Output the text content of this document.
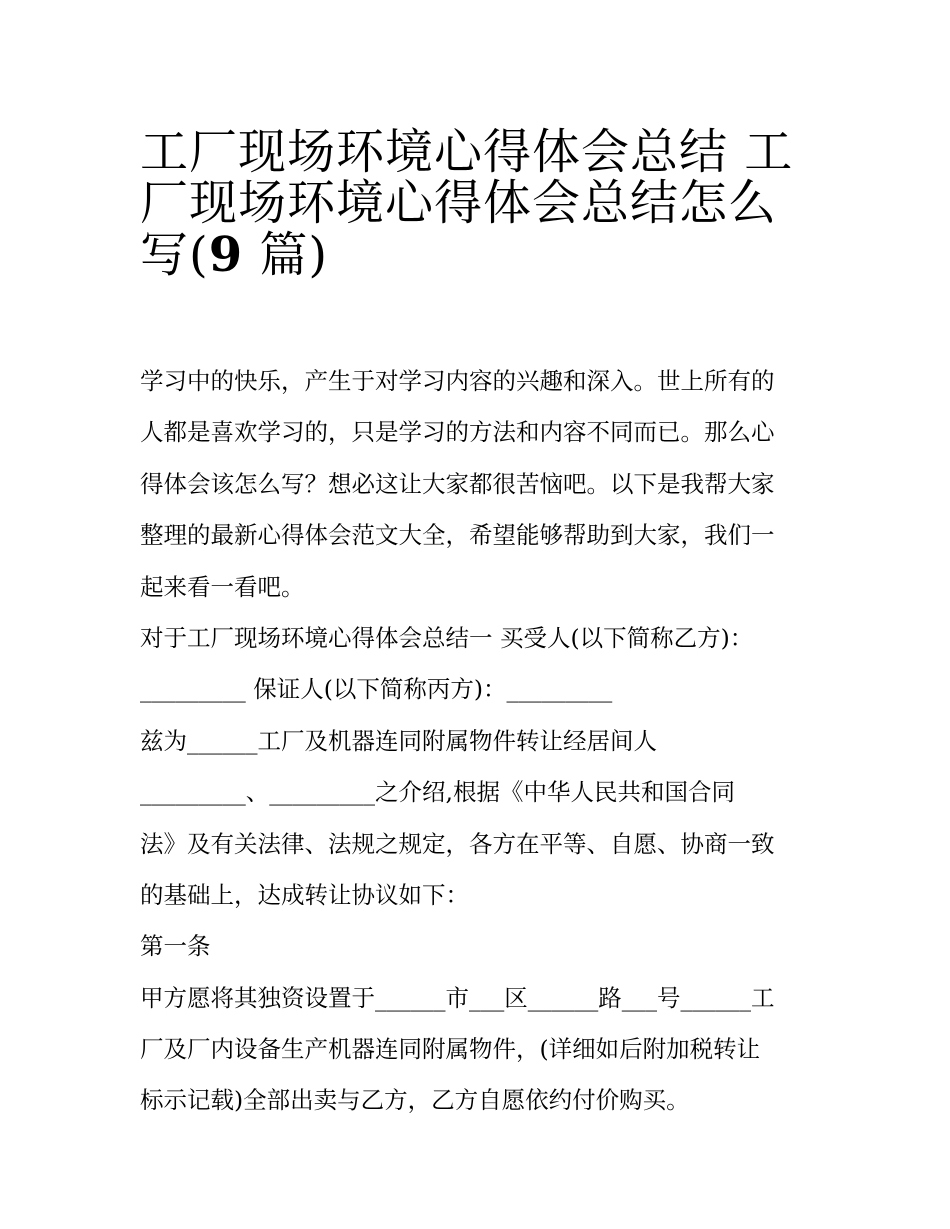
工厂现场环境心得体会总结 工
厂现场环境心得体会总结怎么
写(9 篇)
学习中的快乐，产生于对学习内容的兴趣和深入。世上所有的
人都是喜欢学习的，只是学习的方法和内容不同而已。那么心
得体会该怎么写？想必这让大家都很苦恼吧。以下是我帮大家
整理的最新心得体会范文大全，希望能够帮助到大家，我们一
起来看一看吧。
对于工厂现场环境心得体会总结一 买受人(以下简称乙方)：
_________ 保证人(以下简称丙方)：_________
兹为______工厂及机器连同附属物件转让经居间人
_________、_________之介绍,根据《中华人民共和国合同
法》及有关法律、法规之规定，各方在平等、自愿、协商一致
的基础上，达成转让协议如下：
第一条
甲方愿将其独资设置于______市___区______路___号______工
厂及厂内设备生产机器连同附属物件，(详细如后附加税转让
标示记载)全部出卖与乙方，乙方自愿依约付价购买。
